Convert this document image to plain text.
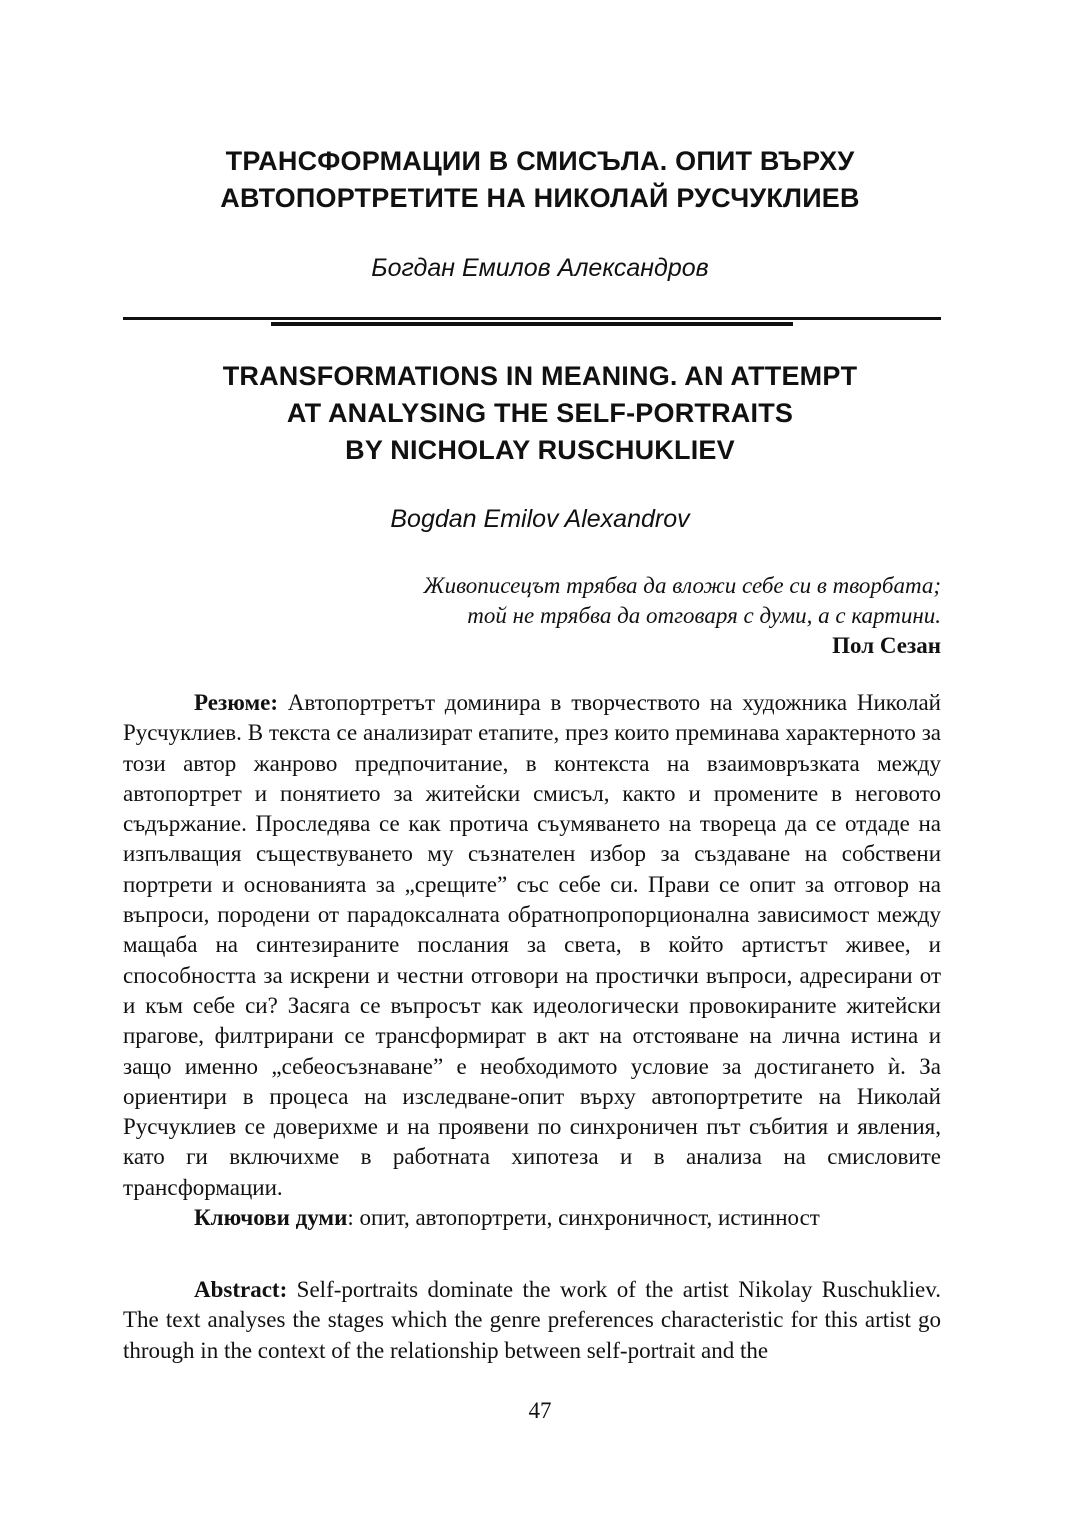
ТРАНСФОРМАЦИИ В СМИСЪЛА. ОПИТ ВЪРХУ
АВТОПОРТРЕТИТЕ НА НИКОЛАЙ РУСЧУКЛИЕВ
Богдан Емилов Александров
TRANSFORMATIONS IN MEANING. AN ATTEMPT
AT ANALYSING THE SELF-PORTRAITS
BY NICHOLAY RUSCHUKLIEV
Bogdan Emilov Alexandrov
Живописецът трябва да вложи себе си в творбата;
той не трябва да отговаря с думи, а с картини.
Пол Сезан

Резюме: Автопортретът доминира в творчеството на художника Николай Русчуклиев. В текста се анализират етапите, през които преминава характерното за този автор жанрово предпочитание, в контекста на взаимовръзката между автопортрет и понятието за житейски смисъл, както и промените в неговото съдържание. Проследява се как протича съумяването на твореца да се отдаде на изпълващия съществуването му съзнателен избор за създаване на собствени портрети и основанията за „срещите” със себе си. Прави се опит за отговор на въпроси, породени от парадоксалната обратнопропорционална зависимост между мащаба на синтезираните послания за света, в който артистът живее, и способността за искрени и честни отговори на простички въпроси, адресирани от и към себе си? Засяга се въпросът как идеологически провокираните житейски прагове, филтрирани се трансформират в акт на отстояване на лична истина и защо именно „себеосъзнаване” е необходимото условие за достигането ѝ. За ориентири в процеса на изследване-опит върху автопортретите на Николай Русчуклиев се доверихме и на проявени по синхроничен път събития и явления, като ги включихме в работната хипотеза и в анализа на смисловите трансформации.

Ключови думи: опит, автопортрети, синхроничност, истинност

Abstract: Self-portraits dominate the work of the artist Nikolay Ruschukliev. The text analyses the stages which the genre preferences characteristic for this artist go through in the context of the relationship between self-portrait and the

47
